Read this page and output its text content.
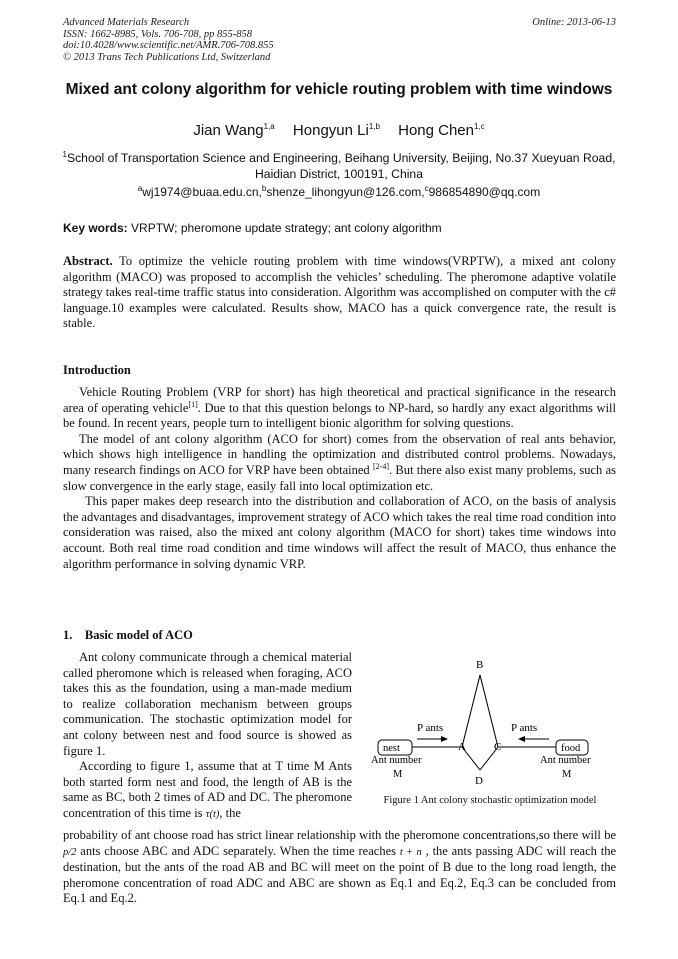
Advanced Materials Research
ISSN: 1662-8985, Vols. 706-708, pp 855-858
doi:10.4028/www.scientific.net/AMR.706-708.855
© 2013 Trans Tech Publications Ltd, Switzerland
Online: 2013-06-13
Mixed ant colony algorithm for vehicle routing problem with time windows
Jian Wang$^{1,a}$ Hongyun Li$^{1,b}$ Hong Chen$^{1,c}$
$^1$School of Transportation Science and Engineering, Beihang University, Beijing, No.37 Xueyuan Road, Haidian District, 100191, China
$^a$wj1974@buaa.edu.cn,$^b$shenze_lihongyun@126.com,$^c$986854890@qq.com
Key words: VRPTW; pheromone update strategy; ant colony algorithm
Abstract. To optimize the vehicle routing problem with time windows(VRPTW), a mixed ant colony algorithm (MACO) was proposed to accomplish the vehicles’ scheduling. The pheromone adaptive volatile strategy takes real-time traffic status into consideration. Algorithm was accomplished on computer with the c# language.10 examples were calculated. Results show, MACO has a quick convergence rate, the result is stable.
Introduction
Vehicle Routing Problem (VRP for short) has high theoretical and practical significance in the research area of operating vehicle[1]. Due to that this question belongs to NP-hard, so hardly any exact algorithms will be found. In recent years, people turn to intelligent bionic algorithm for solving questions.
The model of ant colony algorithm (ACO for short) comes from the observation of real ants behavior, which shows high intelligence in handling the optimization and distributed control problems. Nowadays, many research findings on ACO for VRP have been obtained [2-4]. But there also exist many problems, such as slow convergence in the early stage, easily fall into local optimization etc.
This paper makes deep research into the distribution and collaboration of ACO, on the basis of analysis the advantages and disadvantages, improvement strategy of ACO which takes the real time road condition into consideration was raised, also the mixed ant colony algorithm (MACO for short) takes time windows into account. Both real time road condition and time windows will affect the result of MACO, thus enhance the algorithm performance in solving dynamic VRP.
1.    Basic model of ACO
Ant colony communicate through a chemical material called pheromone which is released when foraging, ACO takes this as the foundation, using a man-made medium to realize collaboration mechanism between groups communication. The stochastic optimization model for ant colony between nest and food source is showed as figure 1.
According to figure 1, assume that at T time M Ants both started form nest and food, the length of AB is the same as BC, both 2 times of AD and DC. The pheromone concentration of this time is τ(t), the
probability of ant choose road has strict linear relationship with the pheromone concentrations,so there will be p/2 ants choose ABC and ADC separately. When the time reaches t + n , the ants passing ADC will reach the destination, but the ants of the road AB and BC will meet on the point of B due to the long road length, the pheromone concentration of road ADC and ABC are shown as Eq.1 and Eq.2, Eq.3 can be concluded from Eq.1 and Eq.2.
B
A	C
D
P ants	P ants
nest	food
Ant number	Ant number
M	M
Figure 1 Ant colony stochastic optimization model
